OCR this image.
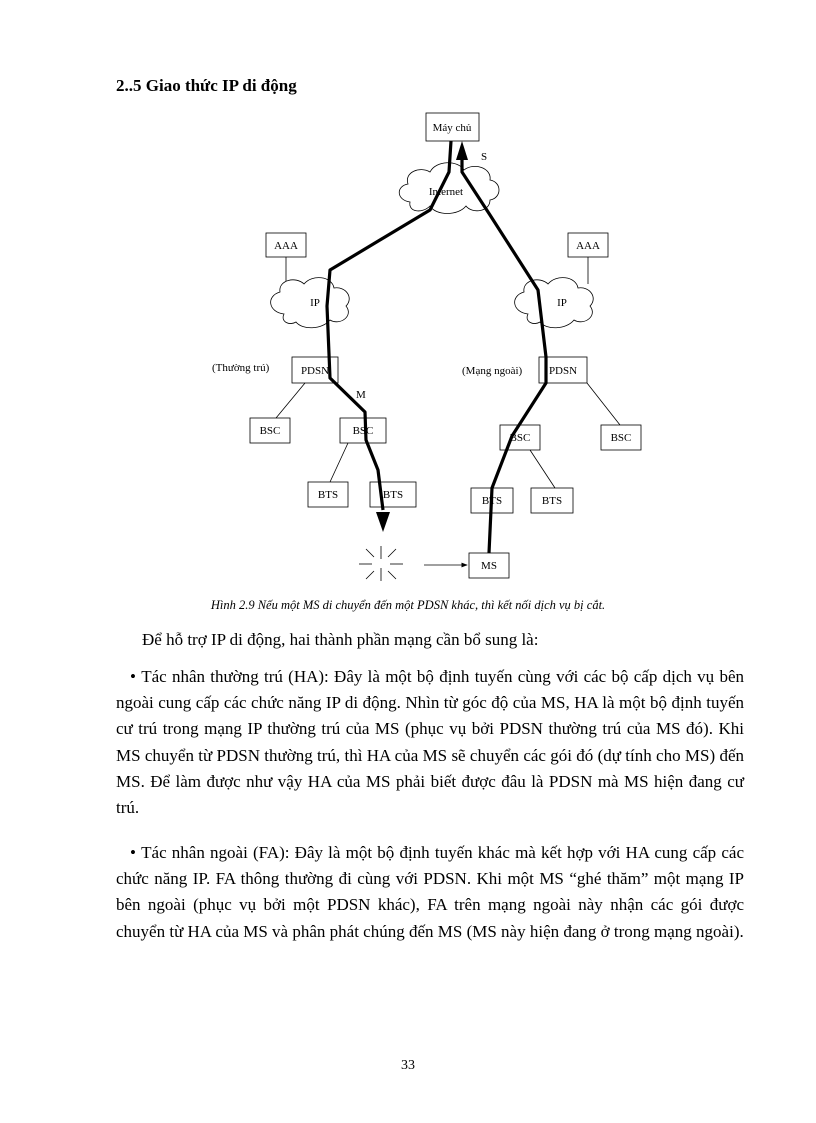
2..5 Giao thức IP di động
Máy chủ
S
Internet
AAA	AAA
IP	IP
(Thường trú)	PDSN	(Mạng ngoài) PDSN
M
BSC	BSC
BSC	BSC
BTS	BTS	BTS	BTS
MS
Hình 2.9 Nếu một MS di chuyển đến một PDSN khác, thì kết nối dịch vụ bị cắt.
Để hỗ trợ IP di động, hai thành phần mạng cần bổ sung là:

• Tác nhân thường trú (HA): Đây là một bộ định tuyến cùng với các bộ cấp dịch vụ bên ngoài cung cấp các chức năng IP di động. Nhìn từ góc độ của MS, HA là một bộ định tuyến cư trú trong mạng IP thường trú của MS (phục vụ bởi PDSN thường trú của MS đó). Khi MS chuyển từ PDSN thường trú, thì HA của MS sẽ chuyển các gói đó (dự tính cho MS) đến MS. Để làm được như vậy HA của MS phải biết được đâu là PDSN mà MS hiện đang cư trú.

• Tác nhân ngoài (FA): Đây là một bộ định tuyến khác mà kết hợp với HA cung cấp các chức năng IP. FA thông thường đi cùng với PDSN. Khi một MS “ghé thăm” một mạng IP bên ngoài (phục vụ bởi một PDSN khác), FA trên mạng ngoài này nhận các gói được chuyển từ HA của MS và phân phát chúng đến MS (MS này hiện đang ở trong mạng ngoài).

33
